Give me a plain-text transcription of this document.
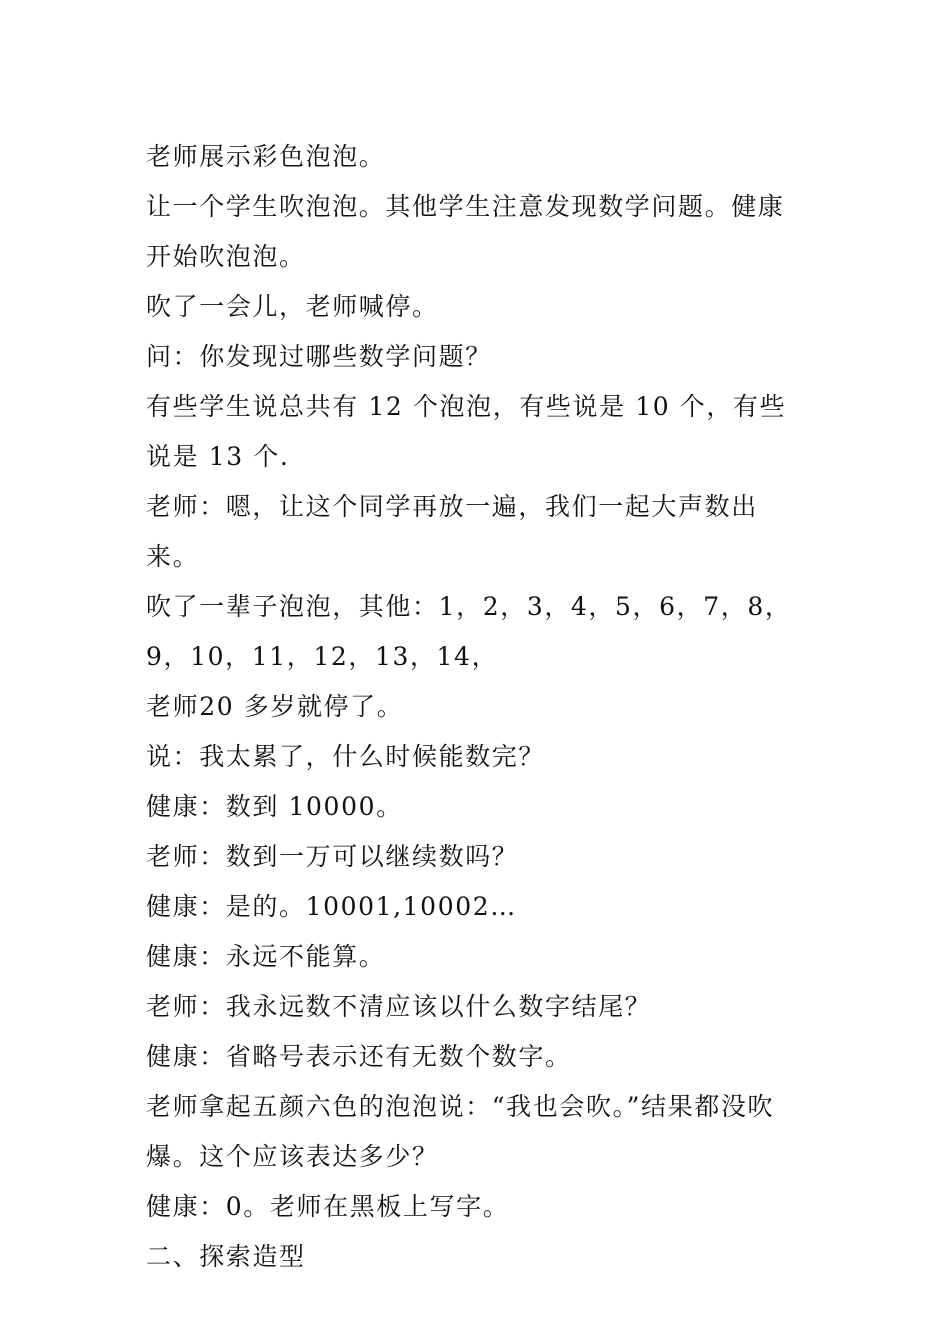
老师展示彩色泡泡。

让一个学生吹泡泡。其他学生注意发现数学问题。健康开始吹泡泡。

吹了一会儿，老师喊停。

问：你发现过哪些数学问题？

有些学生说总共有 12 个泡泡，有些说是 10 个，有些说是 13 个.

老师：嗯，让这个同学再放一遍，我们一起大声数出来。

吹了一辈子泡泡，其他：1，2，3，4，5，6，7，8，9，10，11，12，13，14，

老师20 多岁就停了。

说：我太累了，什么时候能数完？

健康：数到 10000。

老师：数到一万可以继续数吗？

健康：是的。10001,10002…

健康：永远不能算。

老师：我永远数不清应该以什么数字结尾？

健康：省略号表示还有无数个数字。

老师拿起五颜六色的泡泡说：“我也会吹。”结果都没吹爆。这个应该表达多少？

健康：0。老师在黑板上写字。

二、探索造型
